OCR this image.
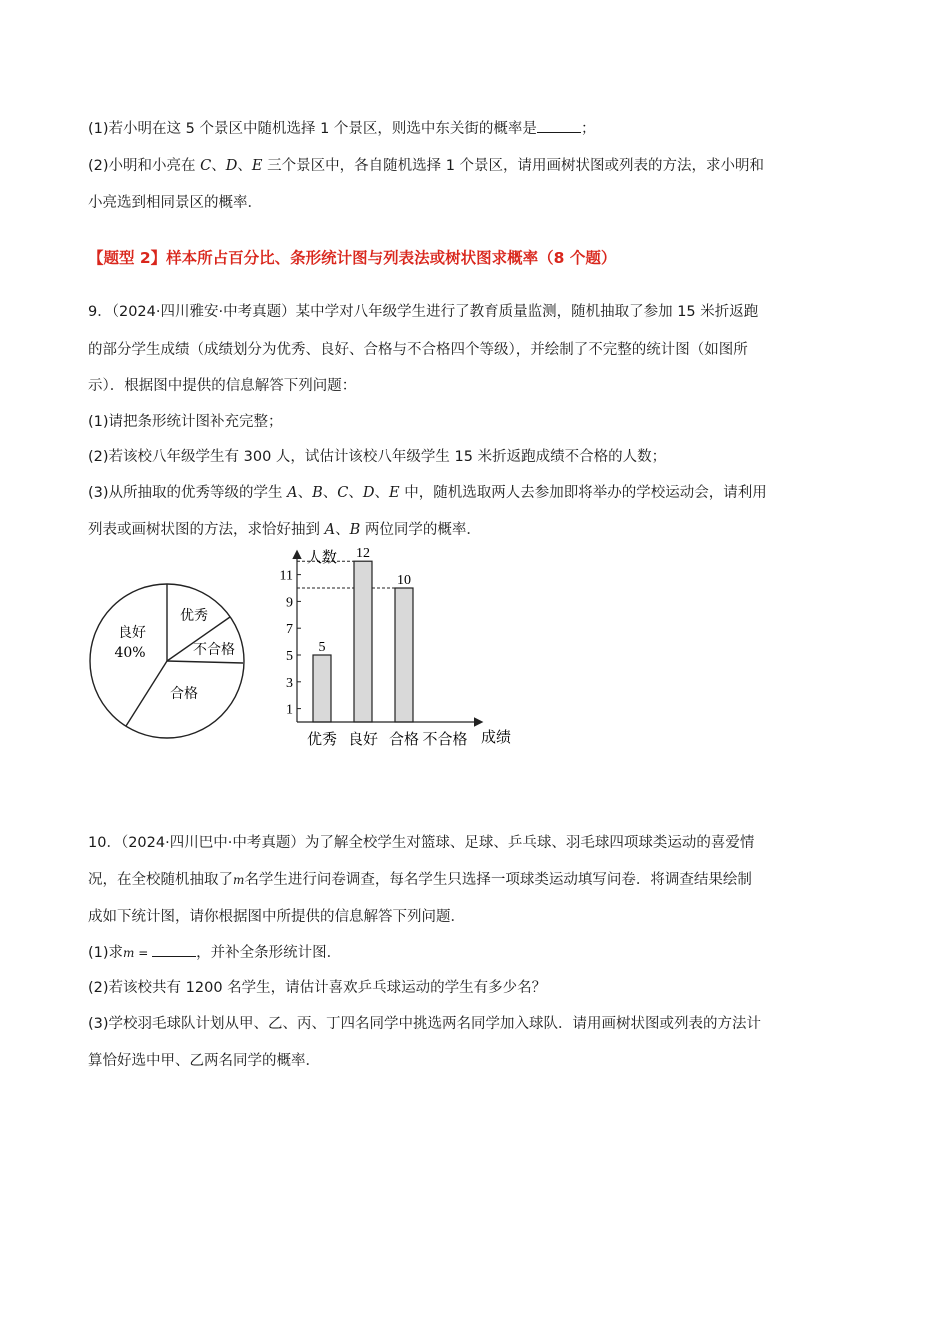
(1)若小明在这 5 个景区中随机选择 1 个景区，则选中东关街的概率是	；
(2)小明和小亮在 C、D、E 三个景区中，各自随机选择 1 个景区，请用画树状图或列表的方法，求小明和
小亮选到相同景区的概率．
【题型 2】样本所占百分比、条形统计图与列表法或树状图求概率（8 个题）
9．（2024·四川雅安·中考真题）某中学对八年级学生进行了教育质量监测，随机抽取了参加 15 米折返跑
的部分学生成绩（成绩划分为优秀、良好、合格与不合格四个等级），并绘制了不完整的统计图（如图所
示）．根据图中提供的信息解答下列问题：
(1)请把条形统计图补充完整；
(2)若该校八年级学生有 300 人，试估计该校八年级学生 15 米折返跑成绩不合格的人数；
(3)从所抽取的优秀等级的学生 A、B、C、D、E 中，随机选取两人去参加即将举办的学校运动会，请利用
列表或画树状图的方法，求恰好抽到 A、B 两位同学的概率．
良好
40%
优秀
不合格
合格
5
12
10
1
3
5
7
9
11
优秀 良好 合格 不合格
人数
成绩
10．（2024·四川巴中·中考真题）为了解全校学生对篮球、足球、乒乓球、羽毛球四项球类运动的喜爱情
况，在全校随机抽取了m名学生进行问卷调查，每名学生只选择一项球类运动填写问卷．将调查结果绘制
成如下统计图，请你根据图中所提供的信息解答下列问题．
(1)求m =	，并补全条形统计图．
(2)若该校共有 1200 名学生，请估计喜欢乒乓球运动的学生有多少名？
(3)学校羽毛球队计划从甲、乙、丙、丁四名同学中挑选两名同学加入球队．请用画树状图或列表的方法计
算恰好选中甲、乙两名同学的概率．
